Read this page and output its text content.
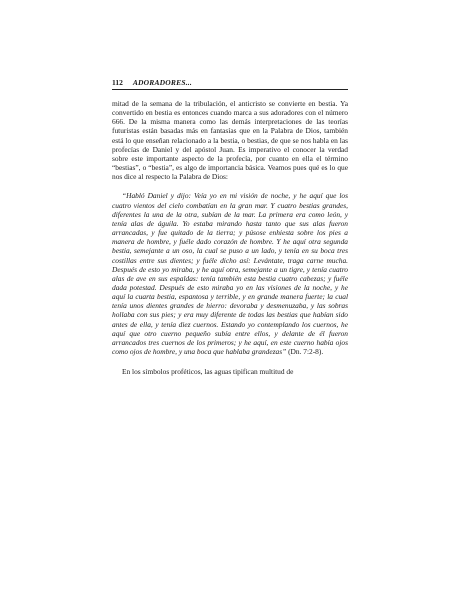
112 ADORADORES...

mitad de la semana de la tribulación, el anticristo se convierte en bestia. Ya convertido en bestia es entonces cuando marca a sus adoradores con el número 666. De la misma manera como las demás interpretaciones de las teorías futuristas están basadas más en fantasías que en la Palabra de Dios, también está lo que enseñan relacionado a la bestia, o bestias, de que se nos habla en las profecías de Daniel y del apóstol Juan. Es imperativo el conocer la verdad sobre este importante aspecto de la profecía, por cuanto en ella el término “bestias”, o “bestia”, es algo de importancia básica. Veamos pues qué es lo que nos dice al respecto la Palabra de Dios:

“Habló Daniel y dijo: Veía yo en mi visión de noche, y he aquí que los cuatro vientos del cielo combatían en la gran mar. Y cuatro bestias grandes, diferentes la una de la otra, subían de la mar. La primera era como león, y tenía alas de águila. Yo estaba mirando hasta tanto que sus alas fueron arrancadas, y fue quitado de la tierra; y púsose enhiesta sobre los pies a manera de hombre, y fuéle dado corazón de hombre. Y he aquí otra segunda bestia, semejante a un oso, la cual se puso a un lado, y tenía en su boca tres costillas entre sus dientes; y fuéle dicho así: Levántate, traga carne mucha. Después de esto yo miraba, y he aquí otra, semejante a un tigre, y tenía cuatro alas de ave en sus espaldas: tenía también esta bestia cuatro cabezas; y fuéle dada potestad. Después de esto miraba yo en las visiones de la noche, y he aquí la cuarta bestia, espantosa y terrible, y en grande manera fuerte; la cual tenía unos dientes grandes de hierro: devoraba y desmenuzaba, y las sobras hollaba con sus pies; y era muy diferente de todas las bestias que habían sido antes de ella, y tenía diez cuernos. Estando yo contemplando los cuernos, he aquí que otro cuerno pequeño subía entre ellos, y delante de él fueron arrancados tres cuernos de los primeros; y he aquí, en este cuerno había ojos como ojos de hombre, y una boca que hablaba grandezas” (Dn. 7:2-8).

En los símbolos proféticos, las aguas tipifican multitud de
